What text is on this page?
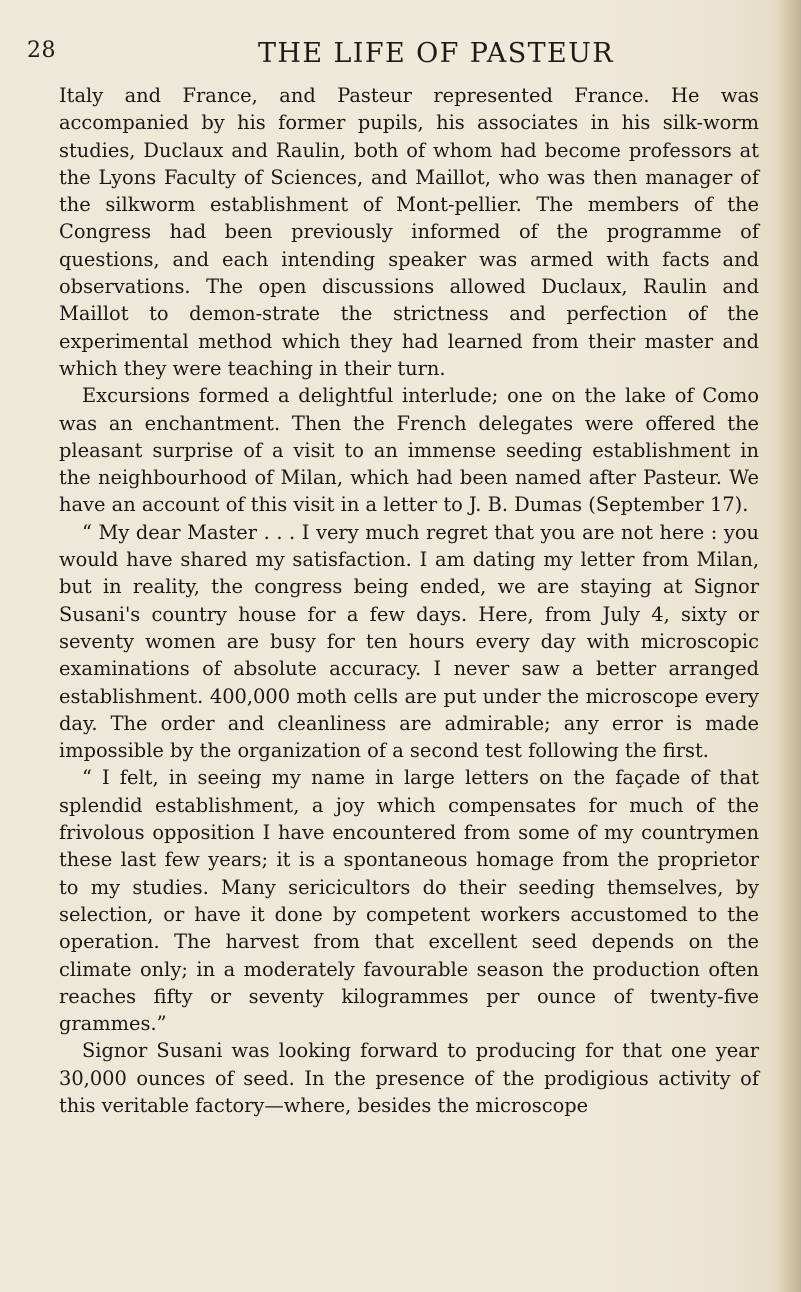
28	THE LIFE OF PASTEUR

Italy and France, and Pasteur represented France. He was accompanied by his former pupils, his associates in his silk-worm studies, Duclaux and Raulin, both of whom had become professors at the Lyons Faculty of Sciences, and Maillot, who was then manager of the silkworm establishment of Mont-pellier. The members of the Congress had been previously informed of the programme of questions, and each intending speaker was armed with facts and observations. The open discussions allowed Duclaux, Raulin and Maillot to demon-strate the strictness and perfection of the experimental method which they had learned from their master and which they were teaching in their turn.

Excursions formed a delightful interlude; one on the lake of Como was an enchantment. Then the French delegates were offered the pleasant surprise of a visit to an immense seeding establishment in the neighbourhood of Milan, which had been named after Pasteur. We have an account of this visit in a letter to J. B. Dumas (September 17).

“ My dear Master . . . I very much regret that you are not here : you would have shared my satisfaction. I am dating my letter from Milan, but in reality, the congress being ended, we are staying at Signor Susani's country house for a few days. Here, from July 4, sixty or seventy women are busy for ten hours every day with microscopic examinations of absolute accuracy. I never saw a better arranged establishment. 400,000 moth cells are put under the microscope every day. The order and cleanliness are admirable; any error is made impossible by the organization of a second test following the first.

“ I felt, in seeing my name in large letters on the façade of that splendid establishment, a joy which compensates for much of the frivolous opposition I have encountered from some of my countrymen these last few years; it is a spontaneous homage from the proprietor to my studies. Many sericicultors do their seeding themselves, by selection, or have it done by competent workers accustomed to the operation. The harvest from that excellent seed depends on the climate only; in a moderately favourable season the production often reaches fifty or seventy kilogrammes per ounce of twenty-five grammes.”

Signor Susani was looking forward to producing for that one year 30,000 ounces of seed. In the presence of the prodigious activity of this veritable factory—where, besides the microscope
